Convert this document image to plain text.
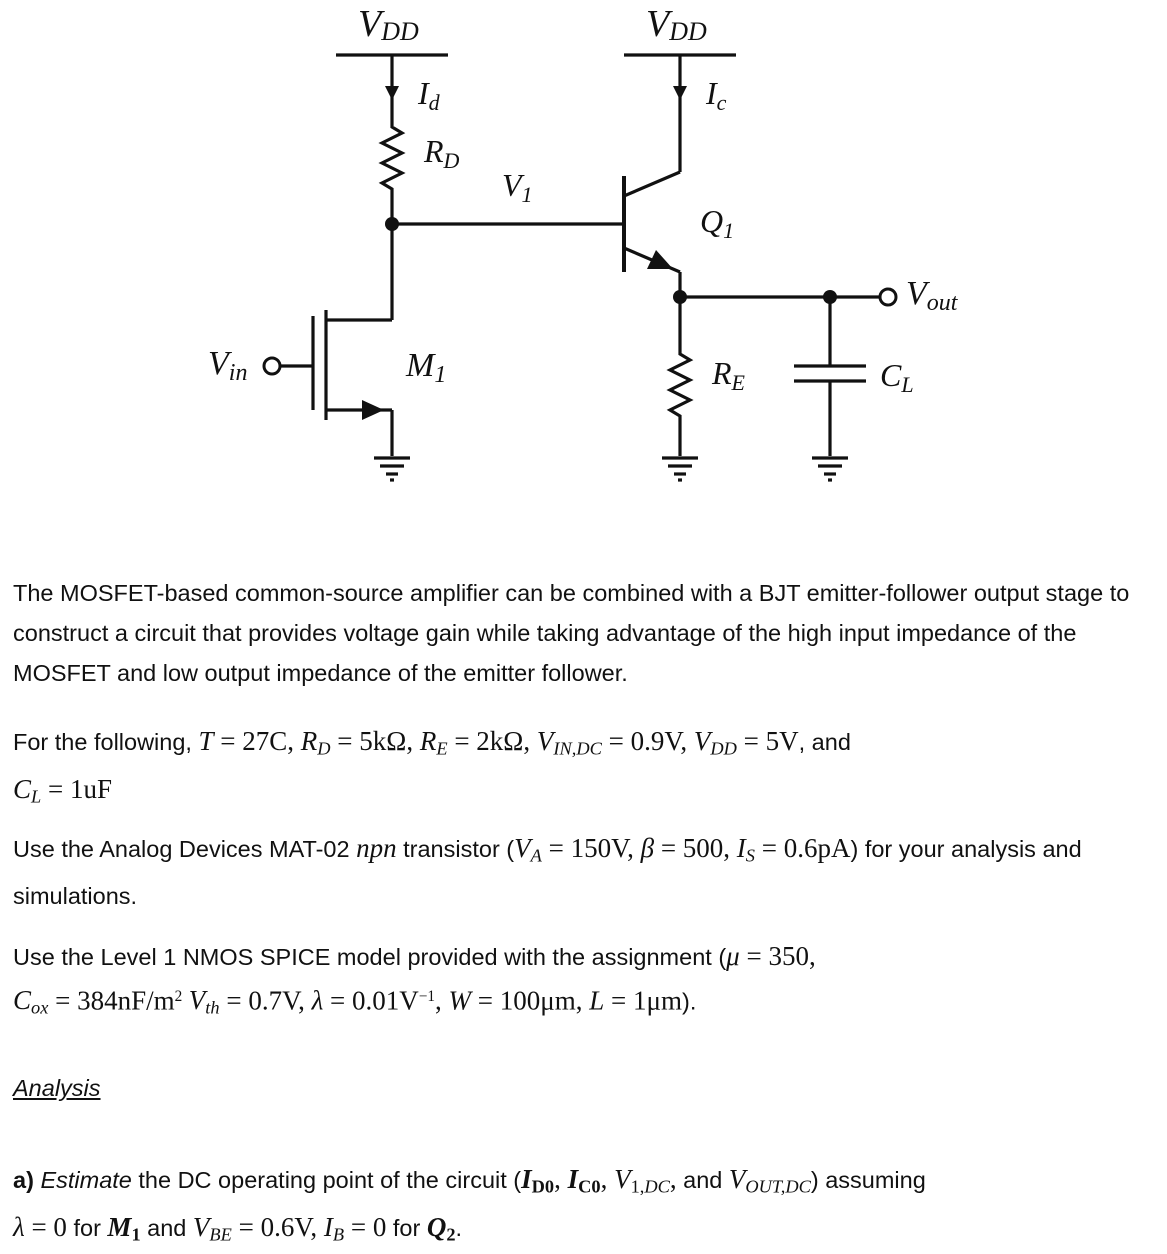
VDD	VDD
Id	Ic
RD
V1
Q1
Vout
Vin	M1	RE	CL
The MOSFET-based common-source amplifier can be combined with a BJT emitter-follower output stage to construct a circuit that provides voltage gain while taking advantage of the high input impedance of the MOSFET and low output impedance of the emitter follower.
For the following, T = 27C, $R_D = 5k\Omega$, $R_E = 2k\Omega$, $V_{IN,DC} = 0.9V$, $V_{DD} = 5V$, and
$C_L = 1uF$
Use the Analog Devices MAT-02 npn transistor ($V_A = 150V$, β = 500, $I_S = 0.6pA$) for your analysis and simulations.
Use the Level 1 NMOS SPICE model provided with the assignment (μ = 350,
$C_{ox} = 384nF/m^2$ $V_{th} = 0.7V$, $\lambda = 0.01V^{-1}$, W = 100μm, L = 1μm).
Analysis
a) Estimate the DC operating point of the circuit (ID0, IC0, $V1,_{DC}$, and $V_{OUT,DC}$) assuming
λ = 0 for M1 and $V_{BE} = 0.6V$, $I_B = 0$ for Q2.
